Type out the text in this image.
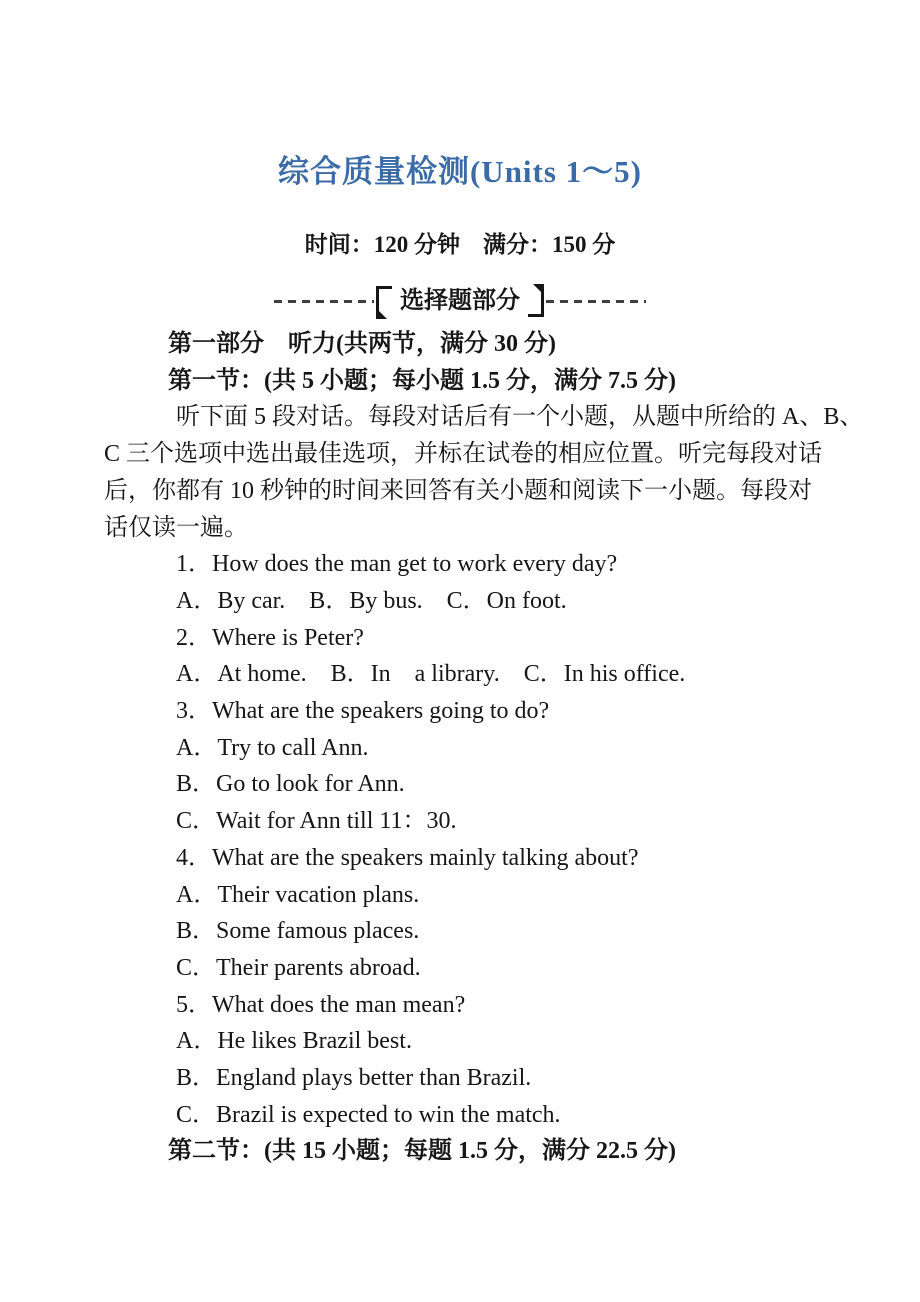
综合质量检测(Units 1～5)
时间：120 分钟　满分：150 分
选择题部分
第一部分　听力(共两节，满分 30 分)
第一节：(共 5 小题；每小题 1.5 分，满分 7.5 分)
听下面 5 段对话。每段对话后有一个小题，从题中所给的 A、B、
C 三个选项中选出最佳选项，并标在试卷的相应位置。听完每段对话
后，你都有 10 秒钟的时间来回答有关小题和阅读下一小题。每段对
话仅读一遍。
1．How does the man get to work every day?
A．By car.　B．By bus.　C．On foot.
2．Where is Peter?
A．At home.　B．In　a library.　C．In his office.
3．What are the speakers going to do?
A．Try to call Ann.
B．Go to look for Ann.
C．Wait for Ann till 11：30.
4．What are the speakers mainly talking about?
A．Their vacation plans.
B．Some famous places.
C．Their parents abroad.
5．What does the man mean?
A．He likes Brazil best.
B．England plays better than Brazil.
C．Brazil is expected to win the match.
第二节：(共 15 小题；每题 1.5 分，满分 22.5 分)
